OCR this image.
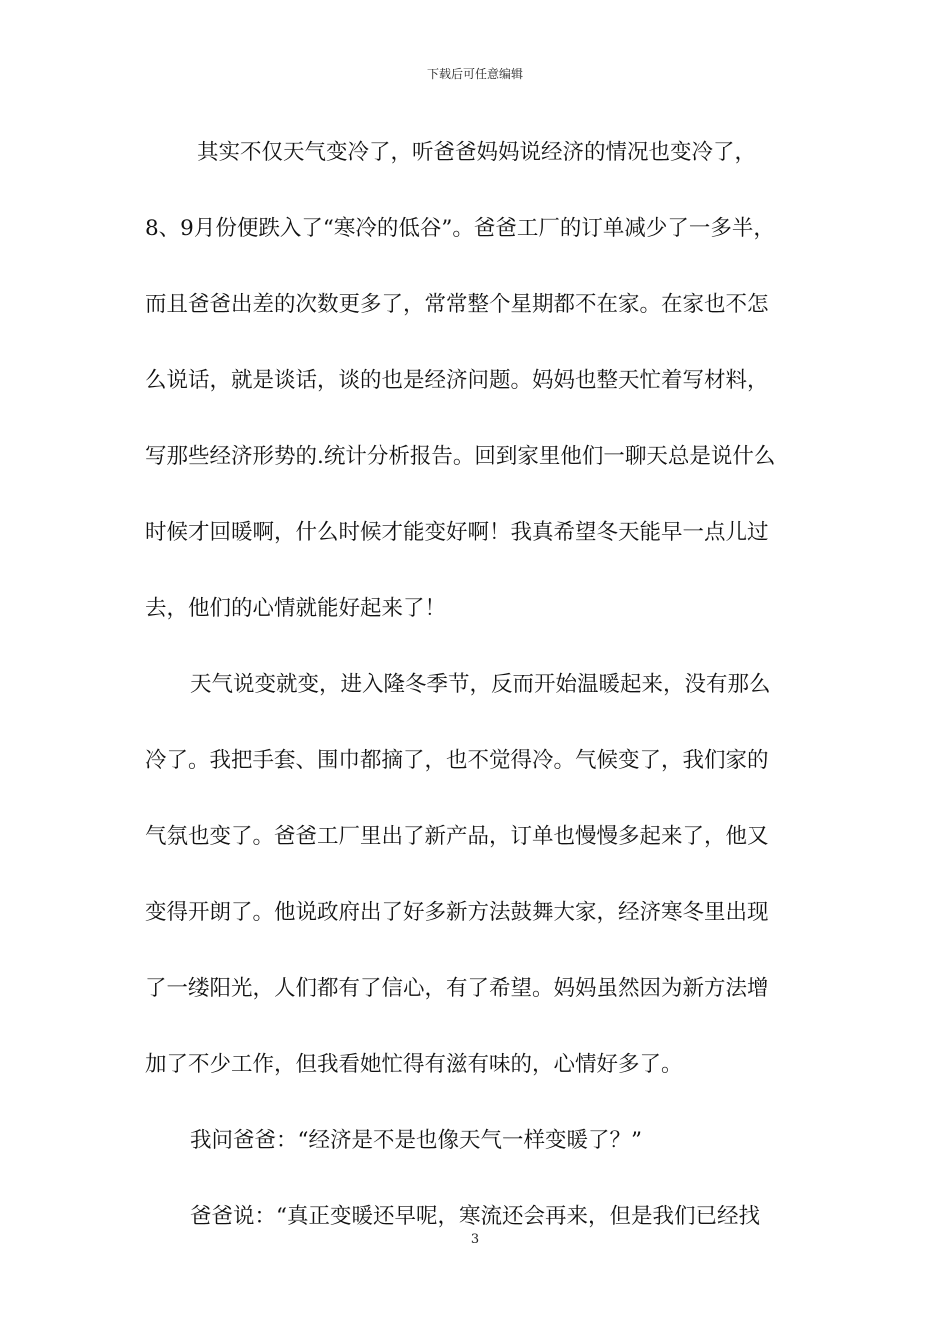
下载后可任意编辑
其实不仅天气变冷了，听爸爸妈妈说经济的情况也变冷了，
8、9月份便跌入了“寒冷的低谷”。爸爸工厂的订单减少了一多半，
而且爸爸出差的次数更多了，常常整个星期都不在家。在家也不怎
么说话，就是谈话，谈的也是经济问题。妈妈也整天忙着写材料，
写那些经济形势的.统计分析报告。回到家里他们一聊天总是说什么
时候才回暖啊，什么时候才能变好啊！我真希望冬天能早一点儿过
去，他们的心情就能好起来了！
天气说变就变，进入隆冬季节，反而开始温暖起来，没有那么
冷了。我把手套、围巾都摘了，也不觉得冷。气候变了，我们家的
气氛也变了。爸爸工厂里出了新产品，订单也慢慢多起来了，他又
变得开朗了。他说政府出了好多新方法鼓舞大家，经济寒冬里出现
了一缕阳光，人们都有了信心，有了希望。妈妈虽然因为新方法增
加了不少工作，但我看她忙得有滋有味的，心情好多了。
我问爸爸：“经济是不是也像天气一样变暖了？”
爸爸说：“真正变暖还早呢，寒流还会再来，但是我们已经找
3
